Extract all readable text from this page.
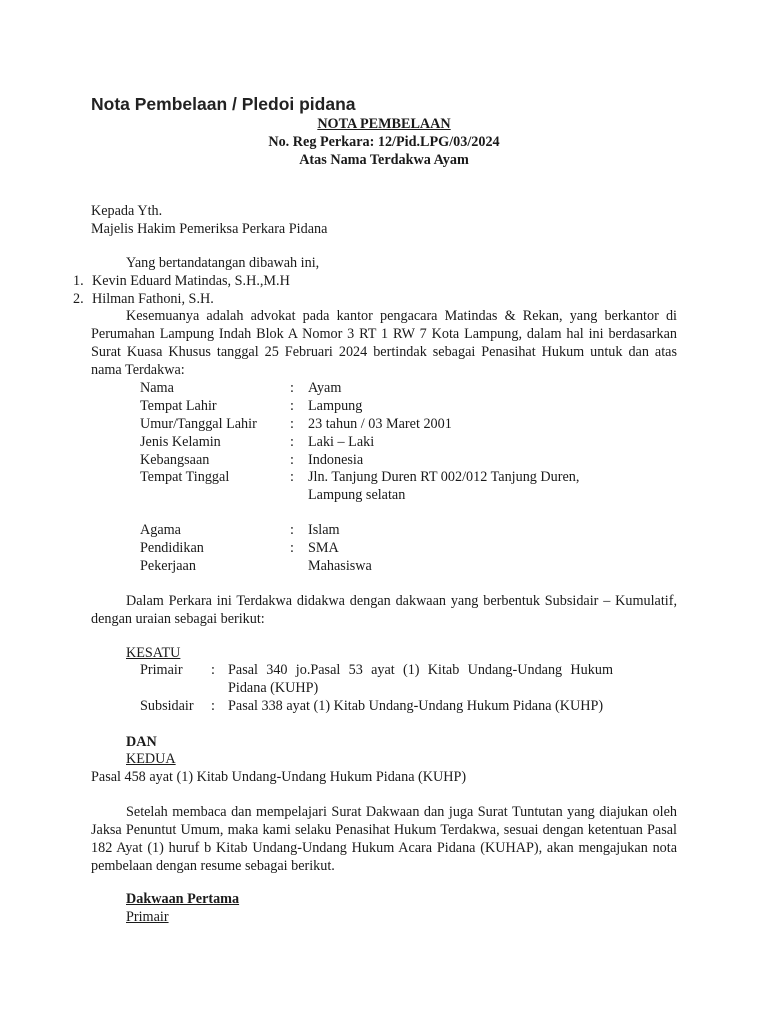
Nota Pembelaan / Pledoi pidana
NOTA PEMBELAAN
No. Reg Perkara: 12/Pid.LPG/03/2024
Atas Nama Terdakwa Ayam
Kepada Yth.
Majelis Hakim Pemeriksa Perkara Pidana
Yang bertandatangan dibawah ini,
1. Kevin Eduard Matindas, S.H.,M.H
2. Hilman Fathoni, S.H.
Kesemuanya adalah advokat pada kantor pengacara Matindas & Rekan, yang berkantor di Perumahan Lampung Indah Blok A Nomor 3 RT 1 RW 7 Kota Lampung, dalam hal ini berdasarkan Surat Kuasa Khusus tanggal 25 Februari 2024 bertindak sebagai Penasihat Hukum untuk dan atas nama Terdakwa:
Nama	: Ayam
Tempat Lahir	: Lampung
Umur/Tanggal Lahir : 23 tahun / 03 Maret 2001
Jenis Kelamin	: Laki – Laki
Kebangsaan	: Indonesia
Tempat Tinggal	: Jln. Tanjung Duren RT 002/012 Tanjung Duren,
Lampung selatan
Agama	: Islam
Pendidikan	: SMA
Pekerjaan	Mahasiswa
Dalam Perkara ini Terdakwa didakwa dengan dakwaan yang berbentuk Subsidair – Kumulatif, dengan uraian sebagai berikut:
KESATU
Primair : Pasal 340 jo.Pasal 53 ayat (1) Kitab Undang-Undang Hukum Pidana (KUHP)
Subsidair : Pasal 338 ayat (1) Kitab Undang-Undang Hukum Pidana (KUHP)
DAN
KEDUA
Pasal 458 ayat (1) Kitab Undang-Undang Hukum Pidana (KUHP)
Setelah membaca dan mempelajari Surat Dakwaan dan juga Surat Tuntutan yang diajukan oleh Jaksa Penuntut Umum, maka kami selaku Penasihat Hukum Terdakwa, sesuai dengan ketentuan Pasal 182 Ayat (1) huruf b Kitab Undang-Undang Hukum Acara Pidana (KUHAP), akan mengajukan nota pembelaan dengan resume sebagai berikut.
Dakwaan Pertama
Primair
